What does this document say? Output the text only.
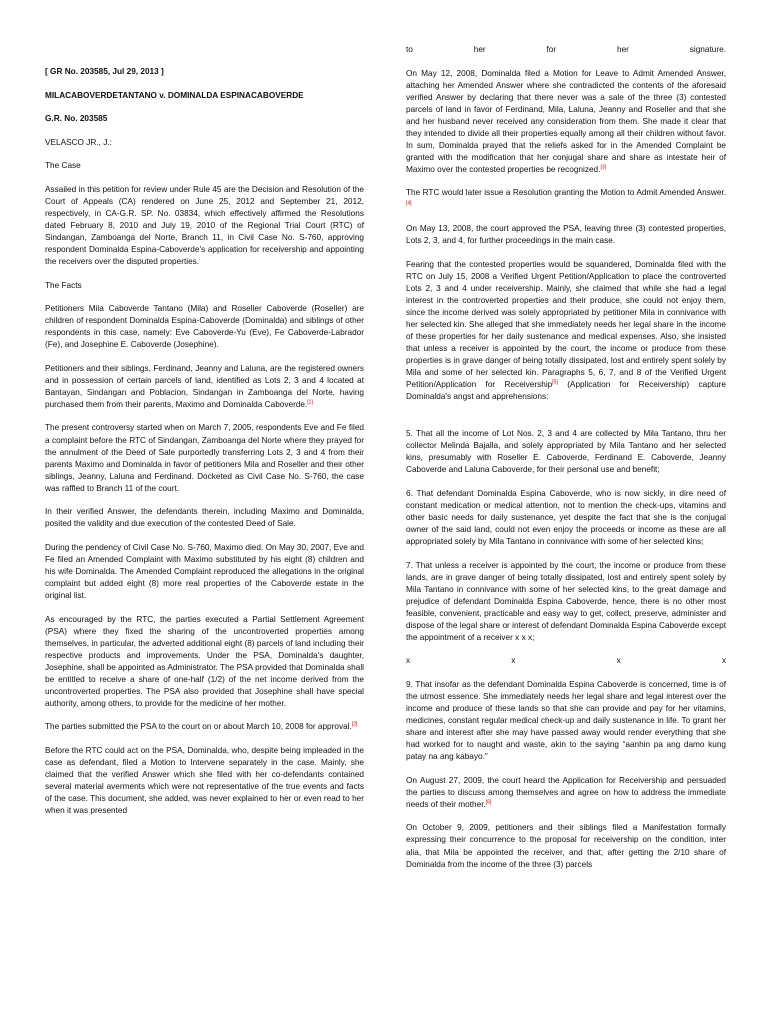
[ GR No. 203585, Jul 29, 2013 ]

MILACABOVERDETANTANO v. DOMINALDA ESPINACABOVERDE

G.R. No. 203585

VELASCO JR., J.:

The Case

Assailed in this petition for review under Rule 45 are the Decision and Resolution of the Court of Appeals (CA) rendered on June 25, 2012 and September 21, 2012, respectively, in CA-G.R. SP. No. 03834, which effectively affirmed the Resolutions dated February 8, 2010 and July 19, 2010 of the Regional Trial Court (RTC) of Sindangan, Zamboanga del Norte, Branch 11, in Civil Case No. S-760, approving respondent Dominalda Espina-Caboverde's application for receivership and appointing the receivers over the disputed properties.

The Facts

Petitioners Mila Caboverde Tantano (Mila) and Roseller Caboverde (Roseller) are children of respondent Dominalda Espina-Caboverde (Dominalda) and siblings of other respondents in this case, namely: Eve Caboverde-Yu (Eve), Fe Caboverde-Labrador (Fe), and Josephine E. Caboverde (Josephine).

Petitioners and their siblings, Ferdinand, Jeanny and Laluna, are the registered owners and in possession of certain parcels of land, identified as Lots 2, 3 and 4 located at Bantayan, Sindangan and Poblacion, Sindangan in Zamboanga del Norte, having purchased them from their parents, Maximo and Dominalda Caboverde.[1]

The present controversy started when on March 7, 2005, respondents Eve and Fe filed a complaint before the RTC of Sindangan, Zamboanga del Norte where they prayed for the annulment of the Deed of Sale purportedly transferring Lots 2, 3 and 4 from their parents Maximo and Dominalda in favor of petitioners Mila and Roseller and their other siblings, Jeanny, Laluna and Ferdinand. Docketed as Civil Case No. S-760, the case was raffled to Branch 11 of the court.

In their verified Answer, the defendants therein, including Maximo and Dominalda, posited the validity and due execution of the contested Deed of Sale.

During the pendency of Civil Case No. S-760, Maximo died. On May 30, 2007, Eve and Fe filed an Amended Complaint with Maximo substituted by his eight (8) children and his wife Dominalda. The Amended Complaint reproduced the allegations in the original complaint but added eight (8) more real properties of the Caboverde estate in the original list.

As encouraged by the RTC, the parties executed a Partial Settlement Agreement (PSA) where they fixed the sharing of the uncontroverted properties among themselves, in particular, the adverted additional eight (8) parcels of land including their respective products and improvements. Under the PSA, Dominalda's daughter, Josephine, shall be appointed as Administrator. The PSA provided that Dominalda shall be entitled to receive a share of one-half (1/2) of the net income derived from the uncontroverted properties. The PSA also provided that Josephine shall have special authority, among others, to provide for the medicine of her mother.

The parties submitted the PSA to the court on or about March 10, 2008 for approval.[2]

Before the RTC could act on the PSA, Dominalda, who, despite being impleaded in the case as defendant, filed a Motion to Intervene separately in the case. Mainly, she claimed that the verified Answer which she filed with her co-defendants contained several material averments which were not representative of the true events and facts of the case. This document, she added, was never explained to her or even read to her when it was presented

to her for her signature.

On May 12, 2008, Dominalda filed a Motion for Leave to Admit Amended Answer, attaching her Amended Answer where she contradicted the contents of the aforesaid verified Answer by declaring that there never was a sale of the three (3) contested parcels of land in favor of Ferdinand, Mila, Laluna, Jeanny and Roseller and that she and her husband never received any consideration from them. She made it clear that they intended to divide all their properties equally among all their children without favor. In sum, Dominalda prayed that the reliefs asked for in the Amended Complaint be granted with the modification that her conjugal share and share as intestate heir of Maximo over the contested properties be recognized.[3]

The RTC would later issue a Resolution granting the Motion to Admit Amended Answer.[4]

On May 13, 2008, the court approved the PSA, leaving three (3) contested properties, Lots 2, 3, and 4, for further proceedings in the main case.

Fearing that the contested properties would be squandered, Dominalda filed with the RTC on July 15, 2008 a Verified Urgent Petition/Application to place the controverted Lots 2, 3 and 4 under receivership. Mainly, she claimed that while she had a legal interest in the controverted properties and their produce, she could not enjoy them, since the income derived was solely appropriated by petitioner Mila in connivance with her selected kin. She alleged that she immediately needs her legal share in the income of these properties for her daily sustenance and medical expenses. Also, she insisted that unless a receiver is appointed by the court, the income or produce from these properties is in grave danger of being totally dissipated, lost and entirely spent solely by Mila and some of her selected kin. Paragraphs 5, 6, 7, and 8 of the Verified Urgent Petition/Application for Receivership[5] (Application for Receivership) capture Dominalda's angst and apprehensions:

5. That all the income of Lot Nos. 2, 3 and 4 are collected by Mila Tantano, thru her collector Melinda Bajalla, and solely appropriated by Mila Tantano and her selected kins, presumably with Roseller E. Caboverde, Ferdinand E. Caboverde, Jeanny Caboverde and Laluna Caboverde, for their personal use and benefit;

6. That defendant Dominalda Espina Caboverde, who is now sickly, in dire need of constant medication or medical attention, not to mention the check-ups, vitamins and other basic needs for daily sustenance, yet despite the fact that she is the conjugal owner of the said land, could not even enjoy the proceeds or income as these are all appropriated solely by Mila Tantano in connivance with some of her selected kins;

7. That unless a receiver is appointed by the court, the income or produce from these lands, are in grave danger of being totally dissipated, lost and entirely spent solely by Mila Tantano in connivance with some of her selected kins, to the great damage and prejudice of defendant Dominalda Espina Caboverde, hence, there is no other most feasible, convenient, practicable and easy way to get, collect, preserve, administer and dispose of the legal share or interest of defendant Dominalda Espina Caboverde except the appointment of a receiver x x x;

x	x	x	x

9. That insofar as the defendant Dominalda Espina Caboverde is concerned, time is of the utmost essence. She immediately needs her legal share and legal interest over the income and produce of these lands so that she can provide and pay for her vitamins, medicines, constant regular medical check-up and daily sustenance in life. To grant her share and interest after she may have passed away would render everything that she had worked for to naught and waste, akin to the saying “aanhin pa ang damo kung patay na ang kabayo.”

On August 27, 2009, the court heard the Application for Receivership and persuaded the parties to discuss among themselves and agree on how to address the immediate needs of their mother.[6]

On October 9, 2009, petitioners and their siblings filed a Manifestation formally expressing their concurrence to the proposal for receivership on the condition, inter alia, that Mila be appointed the receiver, and that, after getting the 2/10 share of Dominalda from the income of the three (3) parcels
